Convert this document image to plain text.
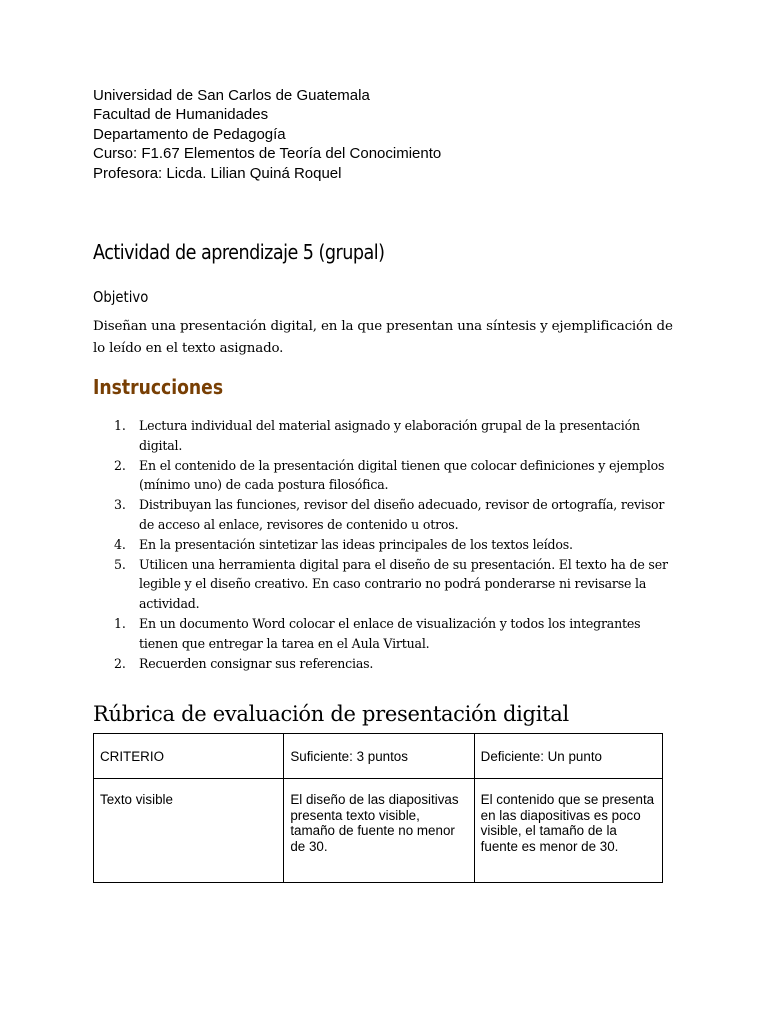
Universidad de San Carlos de Guatemala
Facultad de Humanidades
Departamento de Pedagogía
Curso: F1.67 Elementos de Teoría del Conocimiento
Profesora: Licda. Lilian Quiná Roquel
Actividad de aprendizaje 5 (grupal)
Objetivo
Diseñan una presentación digital, en la que presentan una síntesis y ejemplificación de lo leído en el texto asignado.
Instrucciones
1. Lectura individual del material asignado y elaboración grupal de la presentación digital.
2. En el contenido de la presentación digital tienen que colocar definiciones y ejemplos (mínimo uno) de cada postura filosófica.
3. Distribuyan las funciones, revisor del diseño adecuado, revisor de ortografía, revisor de acceso al enlace, revisores de contenido u otros.
4. En la presentación sintetizar las ideas principales de los textos leídos.
5. Utilicen una herramienta digital para el diseño de su presentación. El texto ha de ser legible y el diseño creativo. En caso contrario no podrá ponderarse ni revisarse la actividad.
1. En un documento Word colocar el enlace de visualización y todos los integrantes tienen que entregar la tarea en el Aula Virtual.
2. Recuerden consignar sus referencias.
Rúbrica de evaluación de presentación digital
CRITERIO	Suficiente: 3 puntos	Deficiente: Un punto
Texto visible	El diseño de las diapositivas presenta texto visible, tamaño de fuente no menor de 30.	El contenido que se presenta en las diapositivas es poco visible, el tamaño de la fuente es menor de 30.
